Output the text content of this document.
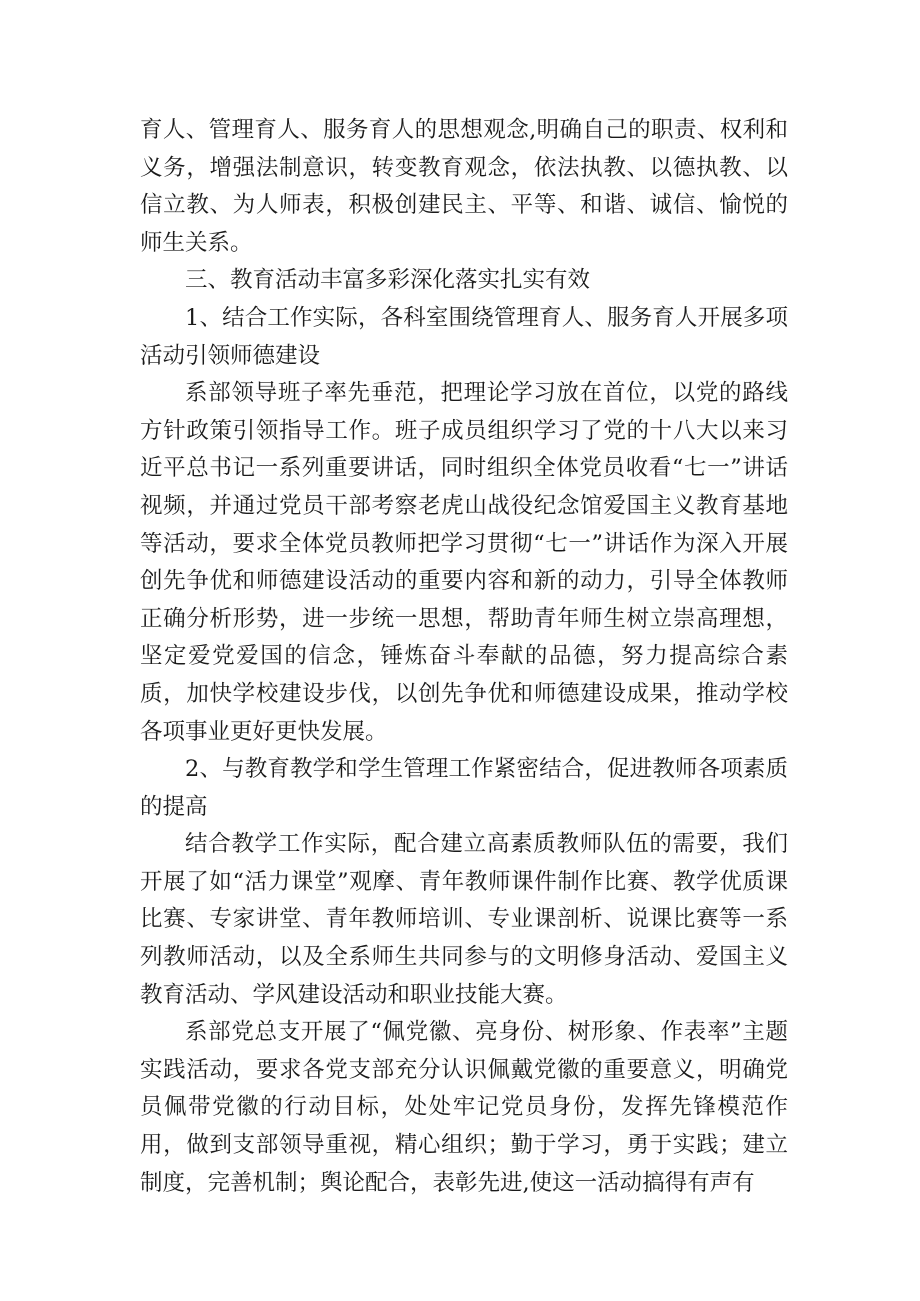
育人、管理育人、服务育人的思想观念,明确自己的职责、权利和义务，增强法制意识，转变教育观念，依法执教、以德执教、以信立教、为人师表，积极创建民主、平等、和谐、诚信、愉悦的师生关系。

三、教育活动丰富多彩深化落实扎实有效

1、结合工作实际，各科室围绕管理育人、服务育人开展多项活动引领师德建设

系部领导班子率先垂范，把理论学习放在首位，以党的路线方针政策引领指导工作。班子成员组织学习了党的十八大以来习近平总书记一系列重要讲话，同时组织全体党员收看“七一”讲话视频，并通过党员干部考察老虎山战役纪念馆爱国主义教育基地等活动，要求全体党员教师把学习贯彻“七一”讲话作为深入开展创先争优和师德建设活动的重要内容和新的动力，引导全体教师正确分析形势，进一步统一思想，帮助青年师生树立崇高理想，坚定爱党爱国的信念，锤炼奋斗奉献的品德，努力提高综合素质，加快学校建设步伐，以创先争优和师德建设成果，推动学校各项事业更好更快发展。

2、与教育教学和学生管理工作紧密结合，促进教师各项素质的提高

结合教学工作实际，配合建立高素质教师队伍的需要，我们开展了如“活力课堂”观摩、青年教师课件制作比赛、教学优质课比赛、专家讲堂、青年教师培训、专业课剖析、说课比赛等一系列教师活动，以及全系师生共同参与的文明修身活动、爱国主义教育活动、学风建设活动和职业技能大赛。

系部党总支开展了“佩党徽、亮身份、树形象、作表率”主题实践活动，要求各党支部充分认识佩戴党徽的重要意义，明确党员佩带党徽的行动目标，处处牢记党员身份，发挥先锋模范作用，做到支部领导重视，精心组织；勤于学习，勇于实践；建立制度，完善机制；舆论配合，表彰先进,使这一活动搞得有声有
